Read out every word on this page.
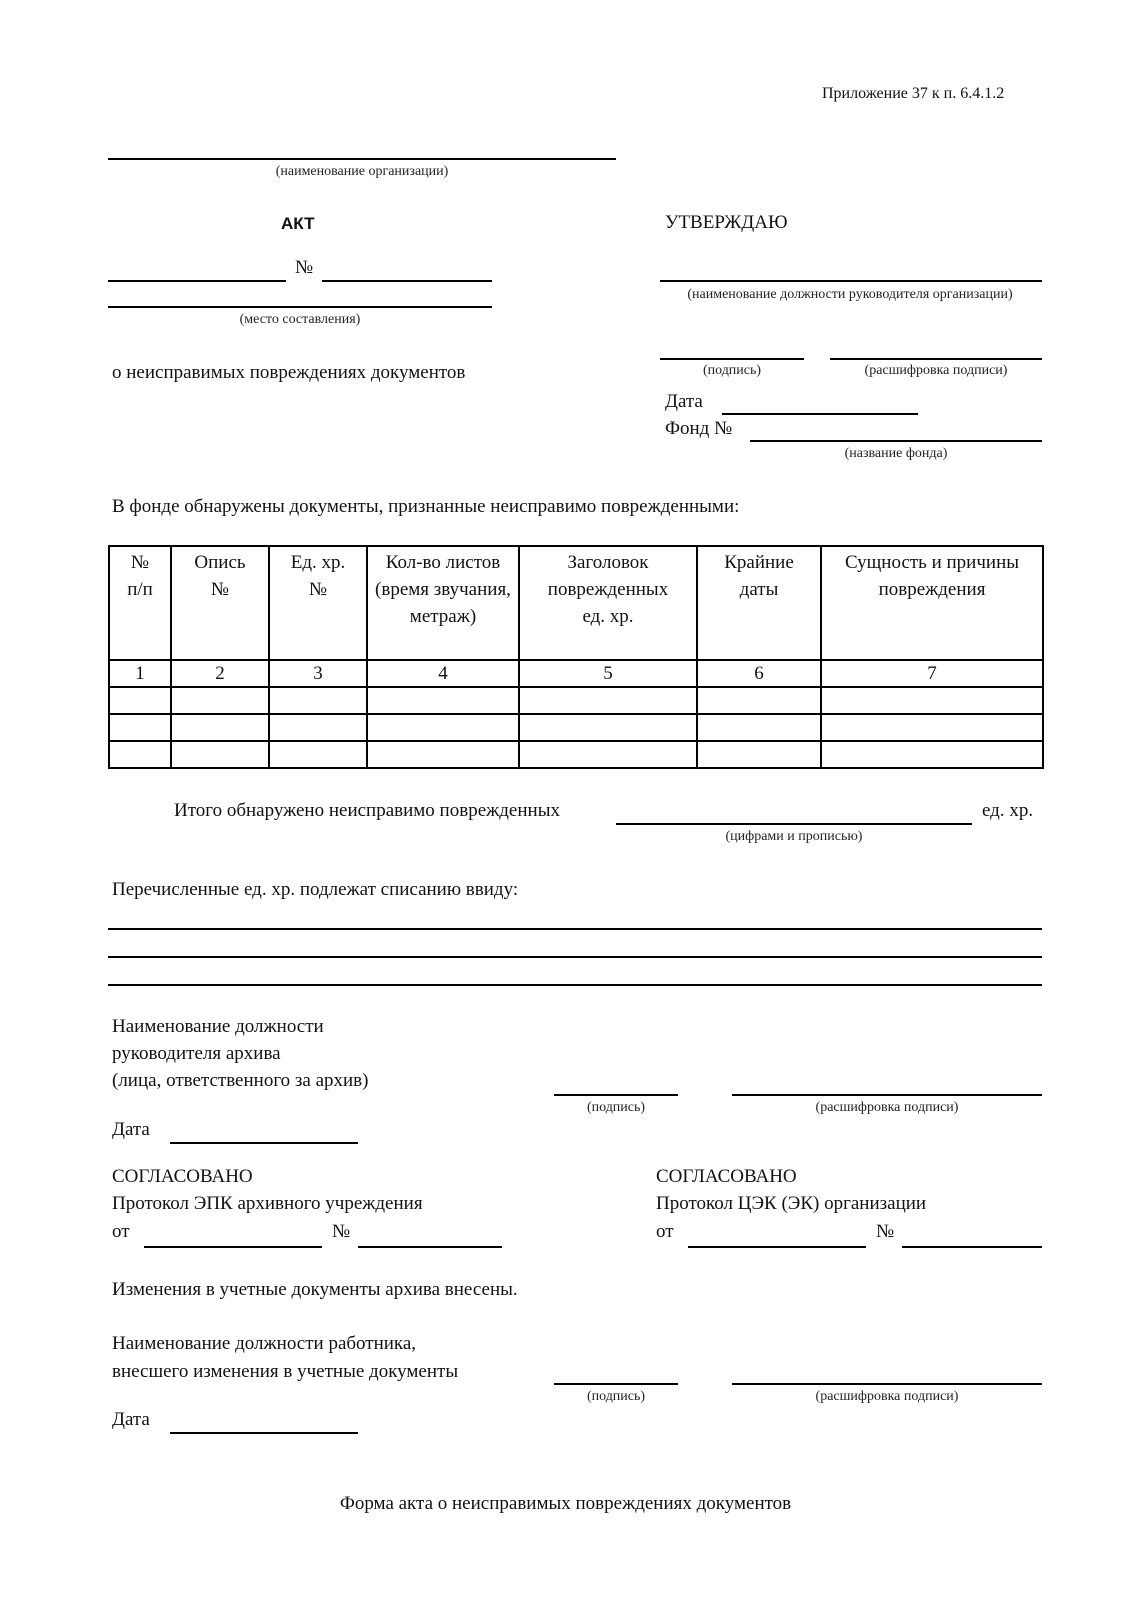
Приложение 37 к п. 6.4.1.2
(наименование организации)
АКТ
№
(место составления)
о неисправимых повреждениях документов
УТВЕРЖДАЮ
(наименование должности руководителя организации)
(подпись)	(расшифровка подписи)
Дата
Фонд №
(название фонда)
В фонде обнаружены документы, признанные неисправимо поврежденными:
№ п/п	Опись №	Ед. хр. №	Кол-во листов (время звучания, метраж)	Заголовок поврежденных ед. хр.	Крайние даты	Сущность и причины повреждения
1	2	3	4	5	6	7

Итого обнаружено неисправимо поврежденных	ед. хр.
(цифрами и прописью)
Перечисленные ед. хр. подлежат списанию ввиду:
Наименование должности
руководителя архива
(лица, ответственного за архив)
(подпись)	(расшифровка подписи)
Дата
СОГЛАСОВАНО
Протокол ЭПК архивного учреждения
от	№
СОГЛАСОВАНО
Протокол ЦЭК (ЭК) организации
от	№
Изменения в учетные документы архива внесены.
Наименование должности работника,
внесшего изменения в учетные документы
(подпись)	(расшифровка подписи)
Дата
Форма акта о неисправимых повреждениях документов
